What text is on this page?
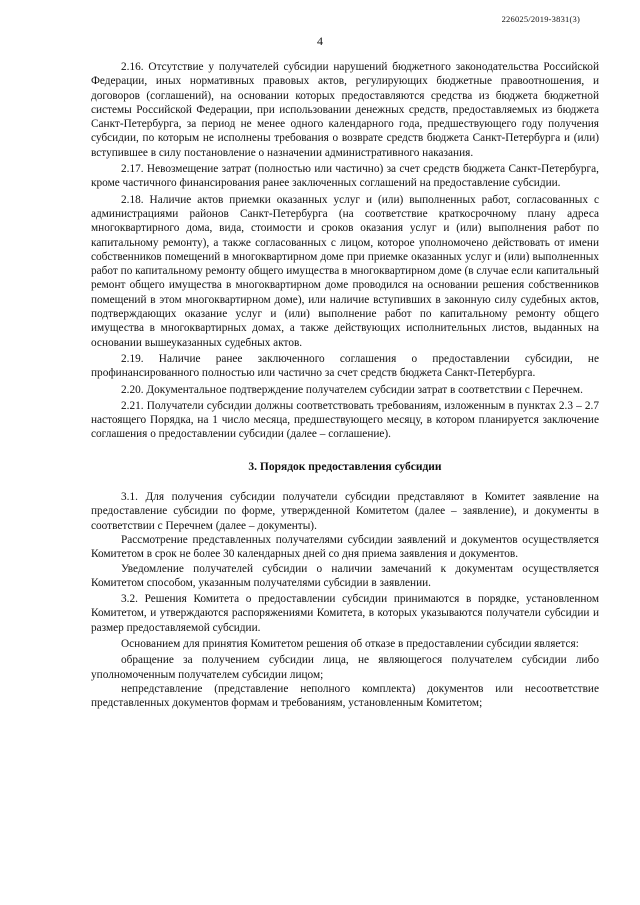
226025/2019-3831(3)
4

2.16. Отсутствие у получателей субсидии нарушений бюджетного законодательства Российской Федерации, иных нормативных правовых актов, регулирующих бюджетные правоотношения, и договоров (соглашений), на основании которых предоставляются средства из бюджета бюджетной системы Российской Федерации, при использовании денежных средств, предоставляемых из бюджета Санкт-Петербурга, за период не менее одного календарного года, предшествующего году получения субсидии, по которым не исполнены требования о возврате средств бюджета Санкт-Петербурга и (или) вступившее в силу постановление о назначении административного наказания.

2.17. Невозмещение затрат (полностью или частично) за счет средств бюджета Санкт-Петербурга, кроме частичного финансирования ранее заключенных соглашений на предоставление субсидии.

2.18. Наличие актов приемки оказанных услуг и (или) выполненных работ, согласованных с администрациями районов Санкт-Петербурга (на соответствие краткосрочному плану адреса многоквартирного дома, вида, стоимости и сроков оказания услуг и (или) выполнения работ по капитальному ремонту), а также согласованных с лицом, которое уполномочено действовать от имени собственников помещений в многоквартирном доме при приемке оказанных услуг и (или) выполненных работ по капитальному ремонту общего имущества в многоквартирном доме (в случае если капитальный ремонт общего имущества в многоквартирном доме проводился на основании решения собственников помещений в этом многоквартирном доме), или наличие вступивших в законную силу судебных актов, подтверждающих оказание услуг и (или) выполнение работ по капитальному ремонту общего имущества в многоквартирных домах, а также действующих исполнительных листов, выданных на основании вышеуказанных судебных актов.

2.19. Наличие ранее заключенного соглашения о предоставлении субсидии, не профинансированного полностью или частично за счет средств бюджета Санкт-Петербурга.

2.20. Документальное подтверждение получателем субсидии затрат в соответствии с Перечнем.

2.21. Получатели субсидии должны соответствовать требованиям, изложенным в пунктах 2.3 – 2.7 настоящего Порядка, на 1 число месяца, предшествующего месяцу, в котором планируется заключение соглашения о предоставлении субсидии (далее – соглашение).

3. Порядок предоставления субсидии

3.1. Для получения субсидии получатели субсидии представляют в Комитет заявление на предоставление субсидии по форме, утвержденной Комитетом (далее – заявление), и документы в соответствии с Перечнем (далее – документы).

Рассмотрение представленных получателями субсидии заявлений и документов осуществляется Комитетом в срок не более 30 календарных дней со дня приема заявления и документов.

Уведомление получателей субсидии о наличии замечаний к документам осуществляется Комитетом способом, указанным получателями субсидии в заявлении.

3.2. Решения Комитета о предоставлении субсидии принимаются в порядке, установленном Комитетом, и утверждаются распоряжениями Комитета, в которых указываются получатели субсидии и размер предоставляемой субсидии.

Основанием для принятия Комитетом решения об отказе в предоставлении субсидии является:

обращение за получением субсидии лица, не являющегося получателем субсидии либо уполномоченным получателем субсидии лицом;

непредставление (представление неполного комплекта) документов или несоответствие представленных документов формам и требованиям, установленным Комитетом;
